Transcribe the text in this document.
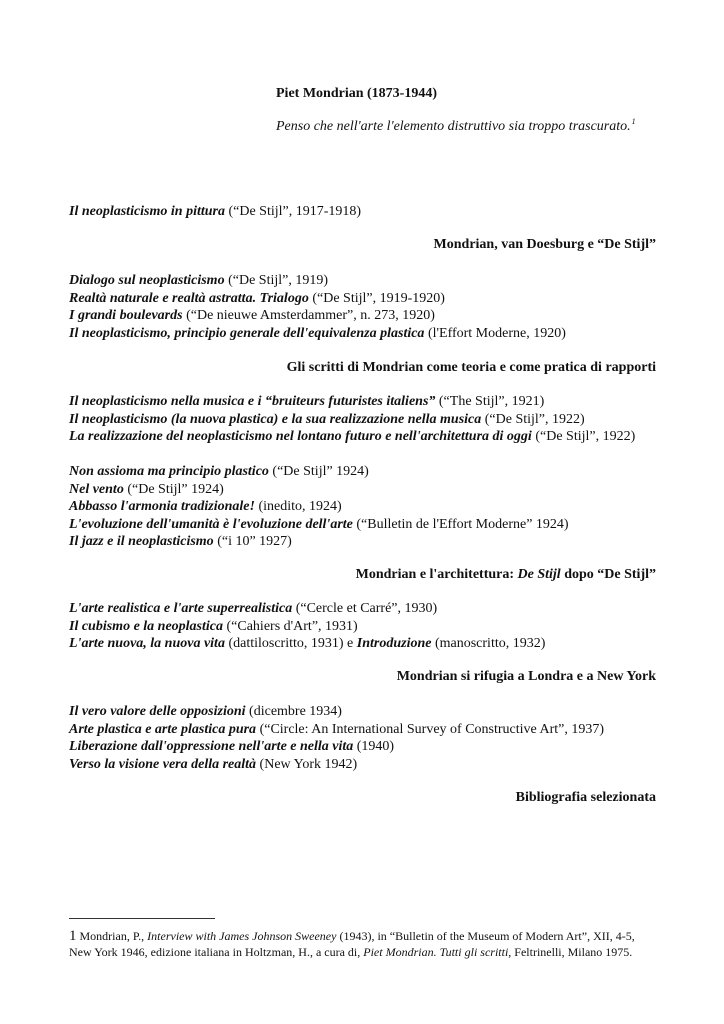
Piet Mondrian (1873-1944)
Penso che nell'arte l'elemento distruttivo sia troppo trascurato.$^1$
Il neoplasticismo in pittura (“De Stijl”, 1917-1918)
Mondrian, van Doesburg e “De Stijl”
Dialogo sul neoplasticismo (“De Stijl”, 1919)
Realtà naturale e realtà astratta. Trialogo (“De Stijl”, 1919-1920)
I grandi boulevards (“De nieuwe Amsterdammer”, n. 273, 1920)
Il neoplasticismo, principio generale dell'equivalenza plastica (l'Effort Moderne, 1920)
Gli scritti di Mondrian come teoria e come pratica di rapporti
Il neoplasticismo nella musica e i “bruiteurs futuristes italiens” (“The Stijl”, 1921)
Il neoplasticismo (la nuova plastica) e la sua realizzazione nella musica (“De Stijl”, 1922)
La realizzazione del neoplasticismo nel lontano futuro e nell'architettura di oggi (“De Stijl”, 1922)
Non assioma ma principio plastico (“De Stijl” 1924)
Nel vento (“De Stijl” 1924)
Abbasso l'armonia tradizionale! (inedito, 1924)
L'evoluzione dell'umanità è l'evoluzione dell'arte (“Bulletin de l'Effort Moderne” 1924)
Il jazz e il neoplasticismo (“i 10” 1927)
Mondrian e l'architettura: De Stijl dopo “De Stijl”
L'arte realistica e l'arte superrealistica (“Cercle et Carré”, 1930)
Il cubismo e la neoplastica (“Cahiers d'Art”, 1931)
L'arte nuova, la nuova vita (dattiloscritto, 1931) e Introduzione (manoscritto, 1932)
Mondrian si rifugia a Londra e a New York
Il vero valore delle opposizioni (dicembre 1934)
Arte plastica e arte plastica pura (“Circle: An International Survey of Constructive Art”, 1937)
Liberazione dall'oppressione nell'arte e nella vita (1940)
Verso la visione vera della realtà (New York 1942)
Bibliografia selezionata
1 Mondrian, P., Interview with James Johnson Sweeney (1943), in “Bulletin of the Museum of Modern Art”, XII, 4-5, New York 1946, edizione italiana in Holtzman, H., a cura di, Piet Mondrian. Tutti gli scritti, Feltrinelli, Milano 1975.
